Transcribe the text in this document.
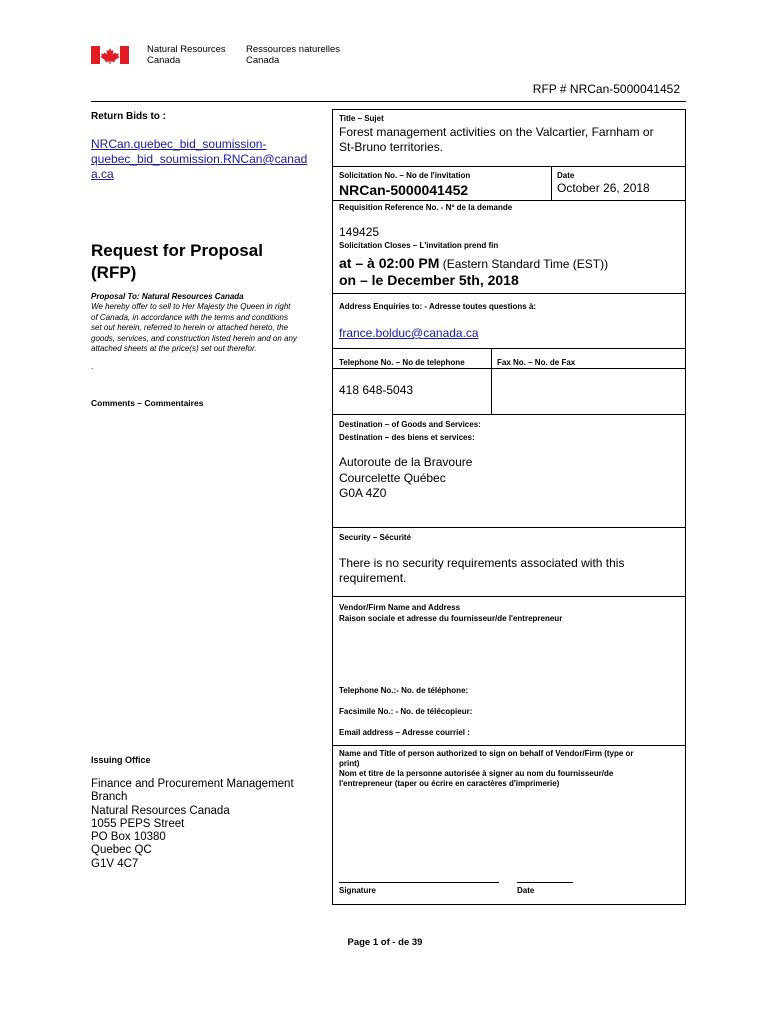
Natural Resources
Canada
Ressources naturelles
Canada
RFP # NRCan-5000041452
Return Bids to :
NRCan.quebec_bid_soumission-
quebec_bid_soumission.RNCan@canad
a.ca
Request for Proposal
(RFP)
Proposal To: Natural Resources Canada
We hereby offer to sell to Her Majesty the Queen in right
of Canada, in accordance with the terms and conditions
set out herein, referred to herein or attached hereto, the
goods, services, and construction listed herein and on any
attached sheets at the price(s) set out therefor.
.
Comments – Commentaires
Issuing Office
Finance and Procurement Management
Branch
Natural Resources Canada
1055 PEPS Street
PO Box 10380
Quebec QC
G1V 4C7
Title – Sujet
Forest management activities on the Valcartier, Farnham or
St-Bruno territories.
Solicitation No. – No de l'invitation
NRCan-5000041452
Date
October 26, 2018
Requisition Reference No. - Nº de la demande
149425
Solicitation Closes – L'invitation prend fin
at – à 02:00 PM (Eastern Standard Time (EST))
on – le December 5th, 2018
Address Enquiries to: - Adresse toutes questions à:
france.bolduc@canada.ca
Telephone No. – No de telephone	Fax No. – No. de Fax
418 648-5043
Destination – of Goods and Services:
Destination – des biens et services:
Autoroute de la Bravoure
Courcelette Québec
G0A 4Z0
Security – Sécurité
There is no security requirements associated with this
requirement.
Vendor/Firm Name and Address
Raison sociale et adresse du fournisseur/de l'entrepreneur
Telephone No.:- No. de téléphone:
Facsimile No.: - No. de télécopieur:
Email address – Adresse courriel :
Name and Title of person authorized to sign on behalf of Vendor/Firm (type or
print)
Nom et titre de la personne autorisée à signer au nom du fournisseur/de
l'entrepreneur (taper ou écrire en caractères d'imprimerie)
Signature	Date
Page 1 of - de 39
